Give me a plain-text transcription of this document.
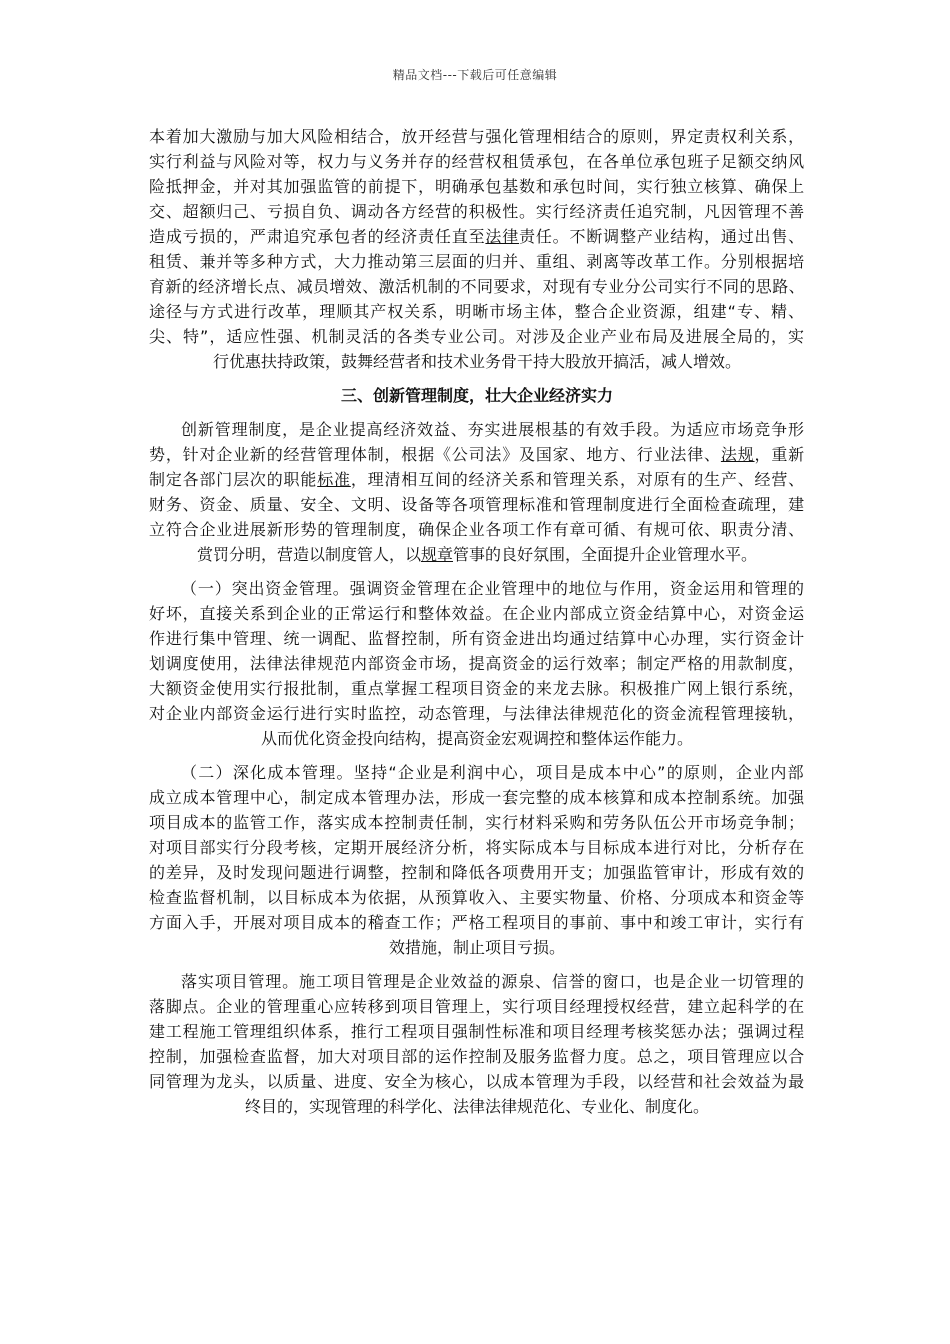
精品文档---下载后可任意编辑
本着加大激励与加大风险相结合，放开经营与强化管理相结合的原则，界定责权利关系，
实行利益与风险对等，权力与义务并存的经营权租赁承包，在各单位承包班子足额交纳风
险抵押金，并对其加强监管的前提下，明确承包基数和承包时间，实行独立核算、确保上
交、超额归己、亏损自负、调动各方经营的积极性。实行经济责任追究制，凡因管理不善
造成亏损的，严肃追究承包者的经济责任直至法律责任。不断调整产业结构，通过出售、
租赁、兼并等多种方式，大力推动第三层面的归并、重组、剥离等改革工作。分别根据培
育新的经济增长点、减员增效、激活机制的不同要求，对现有专业分公司实行不同的思路、
途径与方式进行改革，理顺其产权关系，明晰市场主体，整合企业资源，组建“专、精、
尖、特”，适应性强、机制灵活的各类专业公司。对涉及企业产业布局及进展全局的，实
行优惠扶持政策，鼓舞经营者和技术业务骨干持大股放开搞活，减人增效。
三、创新管理制度，壮大企业经济实力
创新管理制度，是企业提高经济效益、夯实进展根基的有效手段。为适应市场竞争形
势，针对企业新的经营管理体制，根据《公司法》及国家、地方、行业法律、法规，重新
制定各部门层次的职能标准，理清相互间的经济关系和管理关系，对原有的生产、经营、
财务、资金、质量、安全、文明、设备等各项管理标准和管理制度进行全面检查疏理，建
立符合企业进展新形势的管理制度，确保企业各项工作有章可循、有规可依、职责分清、
赏罚分明，营造以制度管人，以规章管事的良好氛围，全面提升企业管理水平。
（一）突出资金管理。强调资金管理在企业管理中的地位与作用，资金运用和管理的
好坏，直接关系到企业的正常运行和整体效益。在企业内部成立资金结算中心，对资金运
作进行集中管理、统一调配、监督控制，所有资金进出均通过结算中心办理，实行资金计
划调度使用，法律法律规范内部资金市场，提高资金的运行效率；制定严格的用款制度，
大额资金使用实行报批制，重点掌握工程项目资金的来龙去脉。积极推广网上银行系统，
对企业内部资金运行进行实时监控，动态管理，与法律法律规范化的资金流程管理接轨，
从而优化资金投向结构，提高资金宏观调控和整体运作能力。
（二）深化成本管理。坚持“企业是利润中心，项目是成本中心”的原则，企业内部
成立成本管理中心，制定成本管理办法，形成一套完整的成本核算和成本控制系统。加强
项目成本的监管工作，落实成本控制责任制，实行材料采购和劳务队伍公开市场竞争制；
对项目部实行分段考核，定期开展经济分析，将实际成本与目标成本进行对比，分析存在
的差异，及时发现问题进行调整，控制和降低各项费用开支；加强监管审计，形成有效的
检查监督机制，以目标成本为依据，从预算收入、主要实物量、价格、分项成本和资金等
方面入手，开展对项目成本的稽查工作；严格工程项目的事前、事中和竣工审计，实行有
效措施，制止项目亏损。
落实项目管理。施工项目管理是企业效益的源泉、信誉的窗口，也是企业一切管理的
落脚点。企业的管理重心应转移到项目管理上，实行项目经理授权经营，建立起科学的在
建工程施工管理组织体系，推行工程项目强制性标准和项目经理考核奖惩办法；强调过程
控制，加强检查监督，加大对项目部的运作控制及服务监督力度。总之，项目管理应以合
同管理为龙头，以质量、进度、安全为核心，以成本管理为手段，以经营和社会效益为最
终目的，实现管理的科学化、法律法律规范化、专业化、制度化。
